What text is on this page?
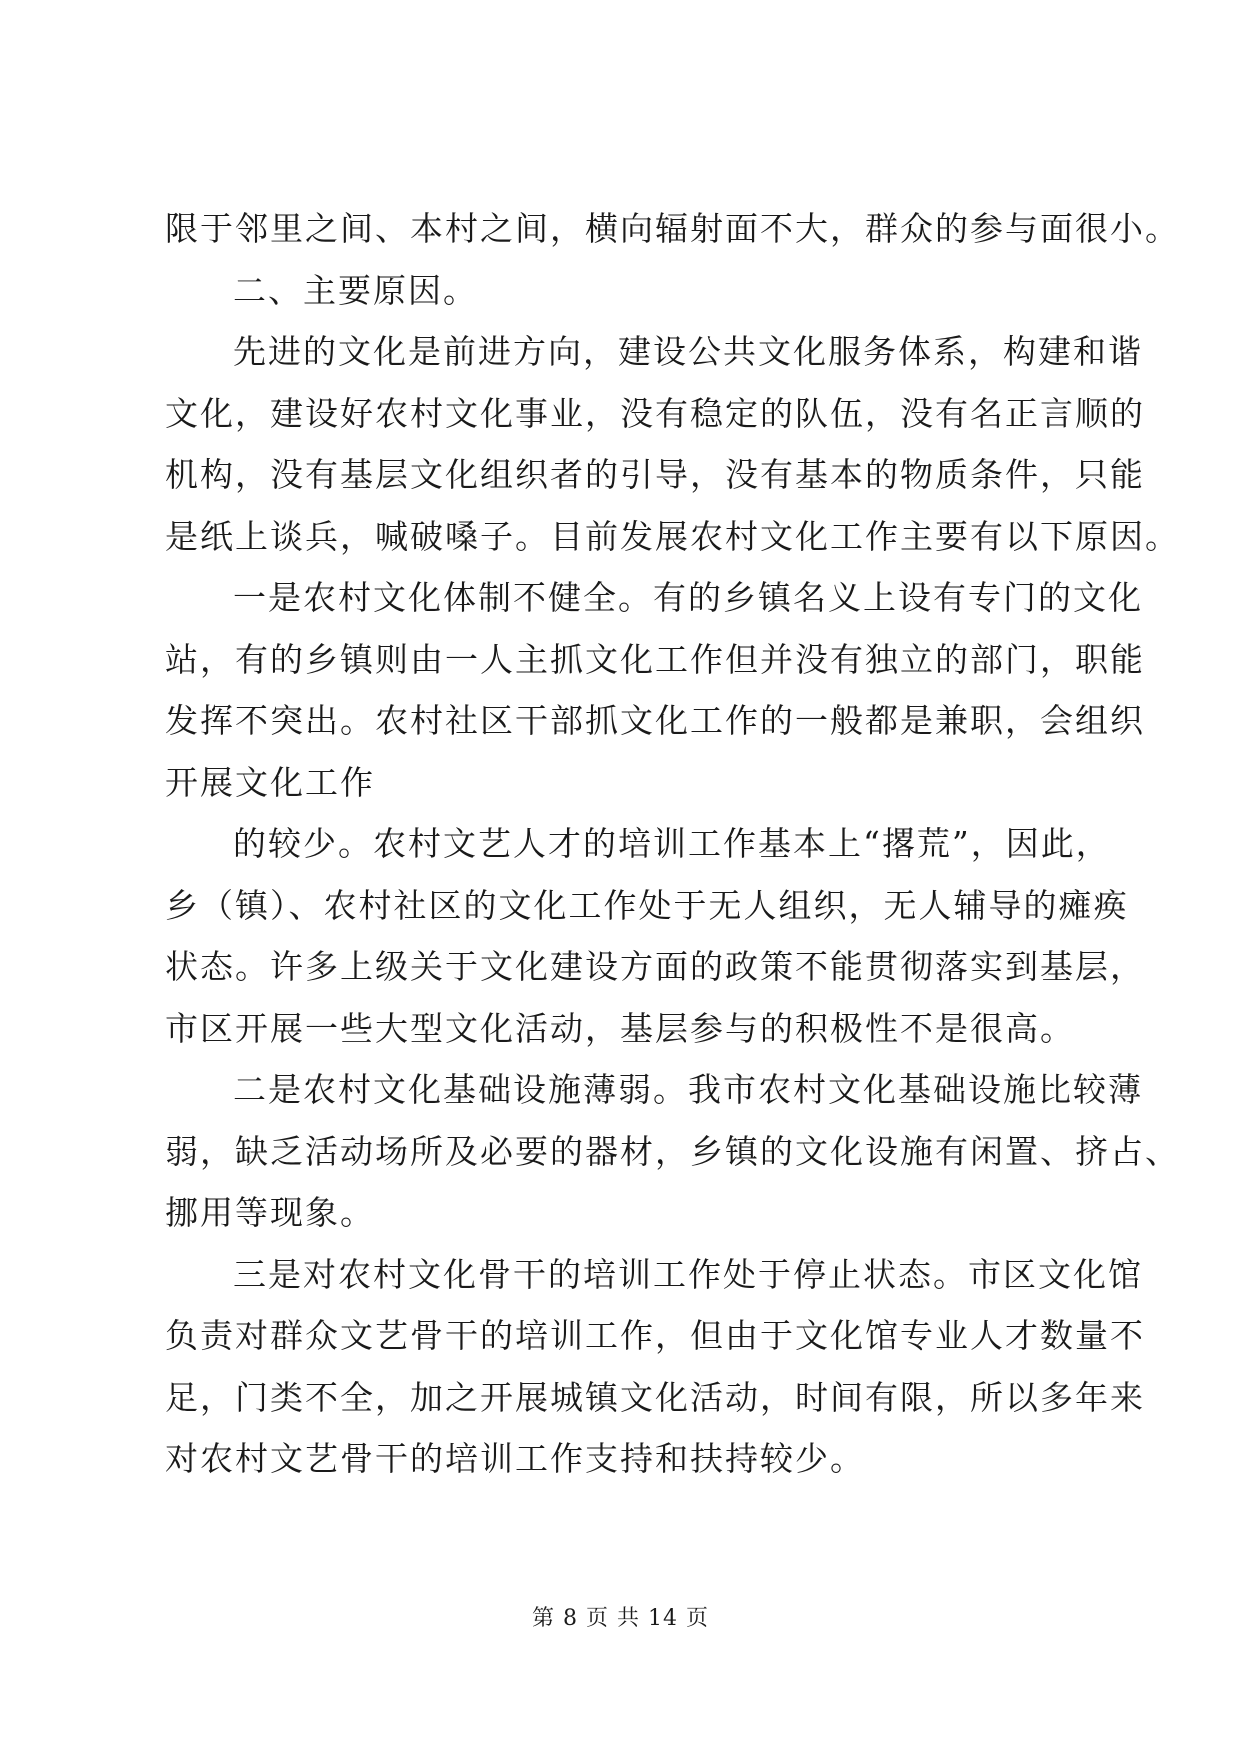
限于邻里之间、本村之间，横向辐射面不大，群众的参与面很小。

二、主要原因。

先进的文化是前进方向，建设公共文化服务体系，构建和谐

文化，建设好农村文化事业，没有稳定的队伍，没有名正言顺的

机构，没有基层文化组织者的引导，没有基本的物质条件，只能

是纸上谈兵，喊破嗓子。目前发展农村文化工作主要有以下原因。

一是农村文化体制不健全。有的乡镇名义上设有专门的文化

站，有的乡镇则由一人主抓文化工作但并没有独立的部门，职能

发挥不突出。农村社区干部抓文化工作的一般都是兼职，会组织

开展文化工作

的较少。农村文艺人才的培训工作基本上“撂荒”，因此，

乡（镇）、农村社区的文化工作处于无人组织，无人辅导的瘫痪

状态。许多上级关于文化建设方面的政策不能贯彻落实到基层，

市区开展一些大型文化活动，基层参与的积极性不是很高。

二是农村文化基础设施薄弱。我市农村文化基础设施比较薄

弱，缺乏活动场所及必要的器材，乡镇的文化设施有闲置、挤占、

挪用等现象。

三是对农村文化骨干的培训工作处于停止状态。市区文化馆

负责对群众文艺骨干的培训工作，但由于文化馆专业人才数量不

足，门类不全，加之开展城镇文化活动，时间有限，所以多年来

对农村文艺骨干的培训工作支持和扶持较少。

第 8 页 共 14 页
